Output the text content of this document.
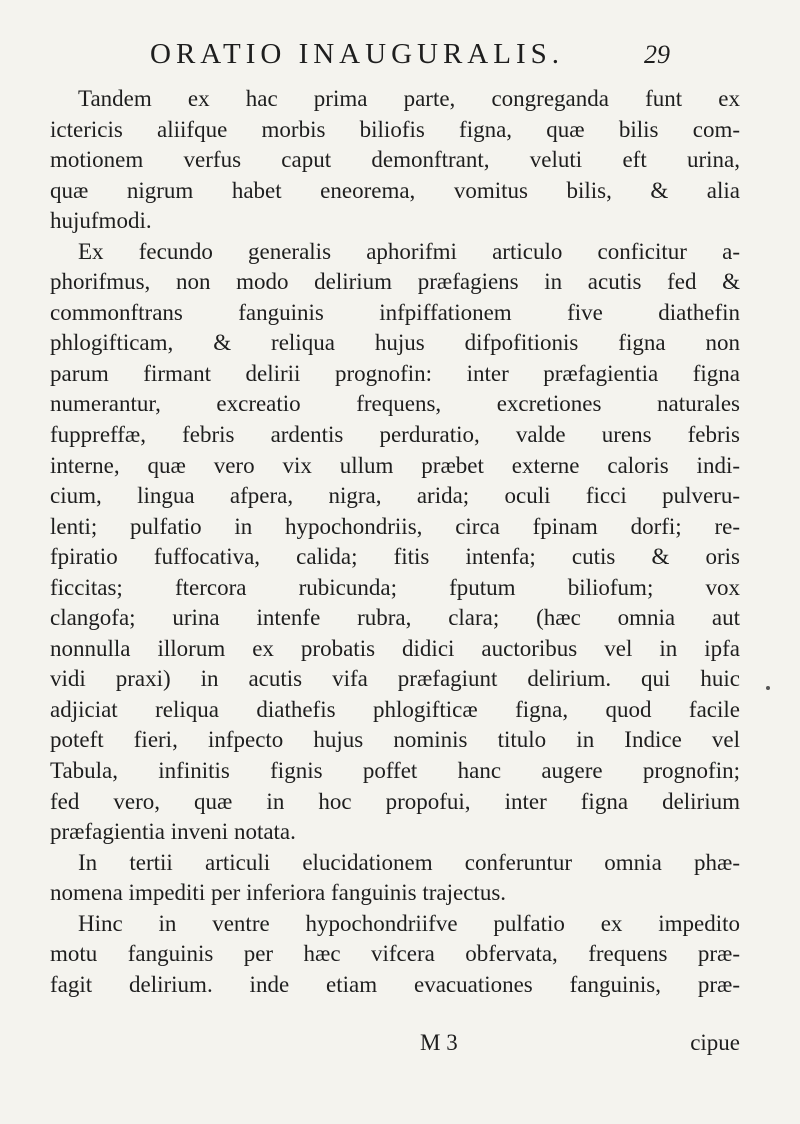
ORATIO INAUGURALIS.	29
Tandem ex hac prima parte, congreganda funt ex
ictericis aliifque morbis biliofis figna, quæ bilis com-
motionem verfus caput demonftrant, veluti eft urina,
quæ nigrum habet eneorema, vomitus bilis, & alia
hujufmodi.
Ex fecundo generalis aphorifmi articulo conficitur a-
phorifmus, non modo delirium præfagiens in acutis fed &
commonftrans fanguinis infpiffationem five diathefin
phlogifticam, & reliqua hujus difpofitionis figna non
parum firmant delirii prognofin: inter præfagientia figna
numerantur, excreatio frequens, excretiones naturales
fuppreffæ, febris ardentis perduratio, valde urens febris
interne, quæ vero vix ullum præbet externe caloris indi-
cium, lingua afpera, nigra, arida; oculi ficci pulveru-
lenti; pulfatio in hypochondriis, circa fpinam dorfi; re-
fpiratio fuffocativa, calida; fitis intenfa; cutis & oris
ficcitas; ftercora rubicunda; fputum biliofum; vox
clangofa; urina intenfe rubra, clara; (hæc omnia aut
nonnulla illorum ex probatis didici auctoribus vel in ipfa
vidi praxi) in acutis vifa præfagiunt delirium. qui huic
adjiciat reliqua diathefis phlogifticæ figna, quod facile
poteft fieri, infpecto hujus nominis titulo in Indice vel
Tabula, infinitis fignis poffet hanc augere prognofin;
fed vero, quæ in hoc propofui, inter figna delirium
præfagientia inveni notata.
In tertii articuli elucidationem conferuntur omnia phæ-
nomena impediti per inferiora fanguinis trajectus.
Hinc in ventre hypochondriifve pulfatio ex impedito
motu fanguinis per hæc vifcera obfervata, frequens præ-
fagit delirium. inde etiam evacuationes fanguinis, præ-
M 3	cipue
